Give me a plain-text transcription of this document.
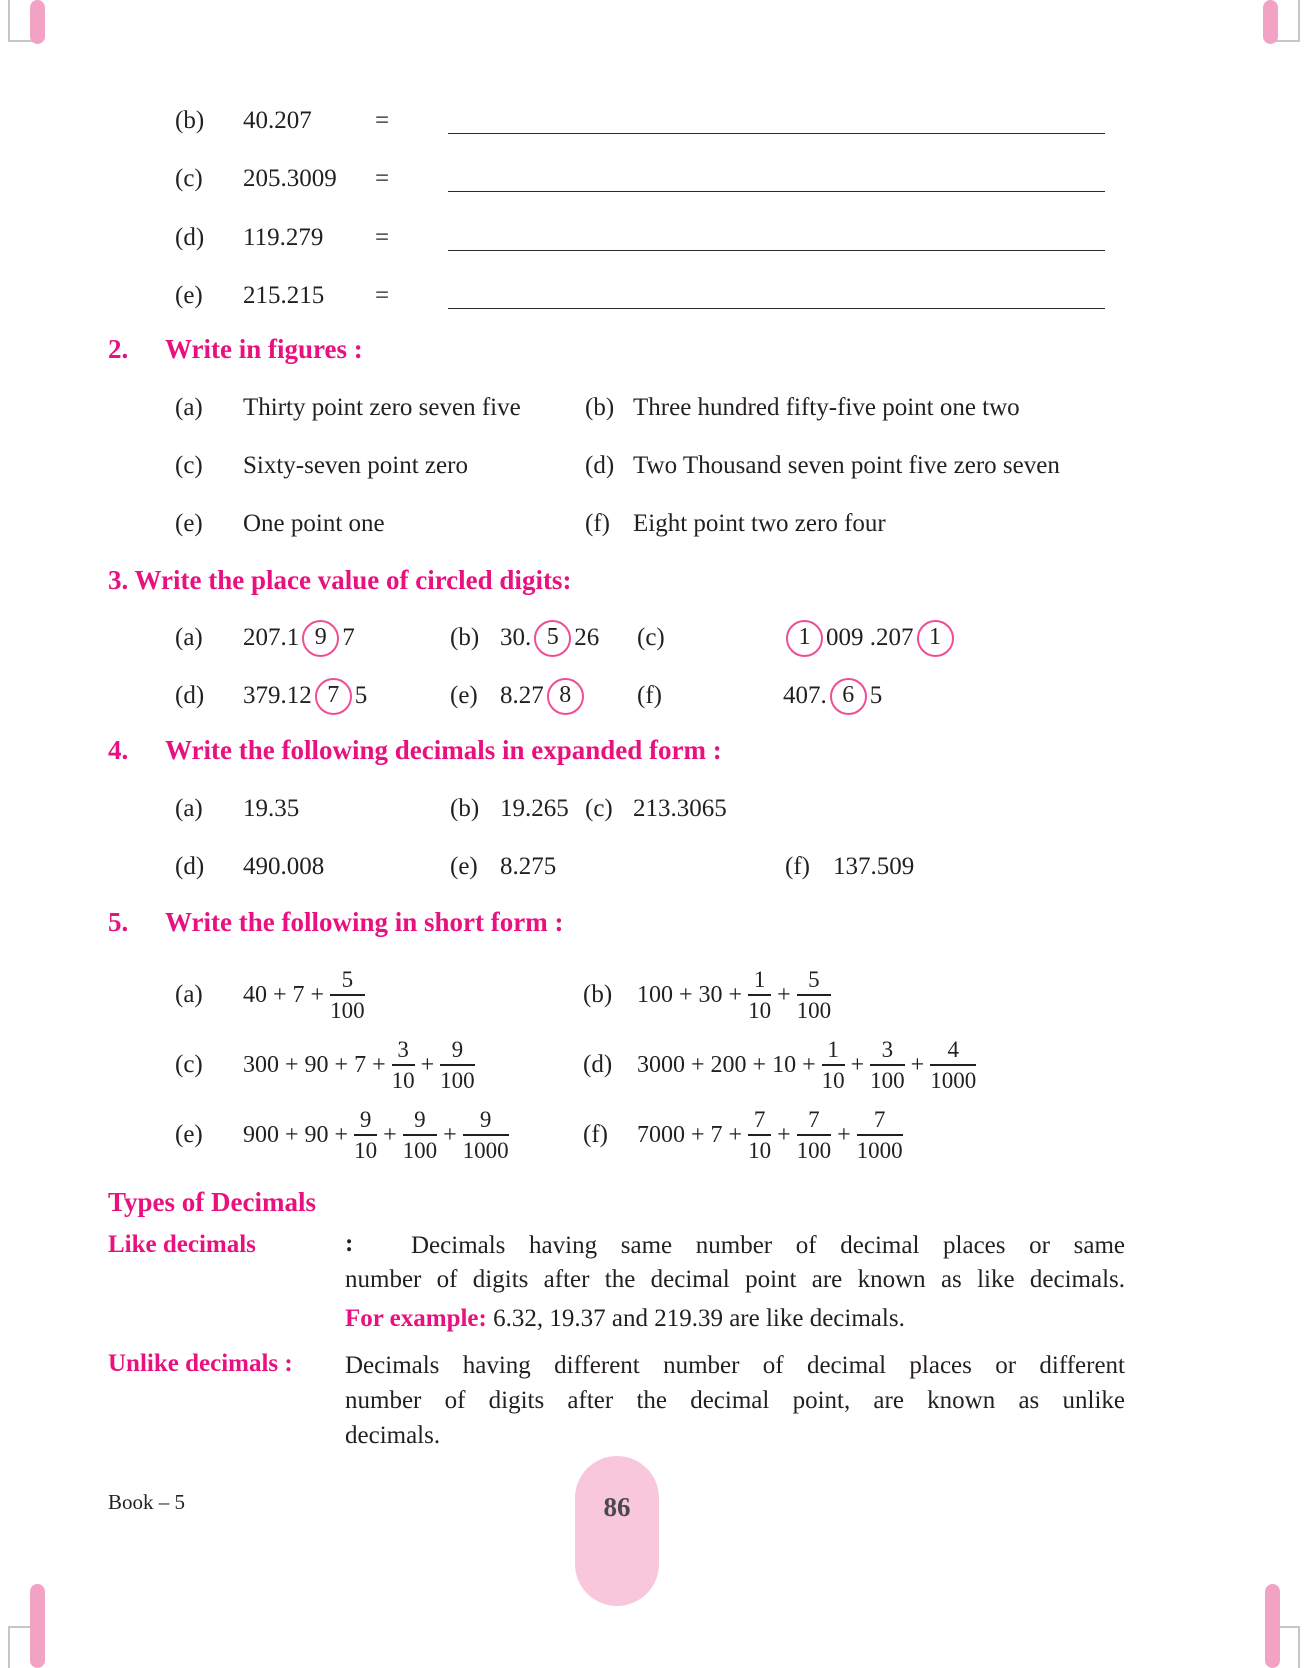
(b) 40.207	=
(c) 205.3009 =
(d) 119.279 =
(e) 215.215 =
2. Write in figures :
(a) Thirty point zero seven five	(b) Three hundred fifty-five point one two
(c) Sixty-seven point zero	(d) Two Thousand seven point five zero seven
(e) One point one	(f) Eight point two zero four
3. Write the place value of circled digits:
(a) 207.1 9 7	(b) 30. 5 26 (c)	1 009 .207 1
(d) 379.12 7 5	(e) 8.27 8	(f)	407. 6 5
4. Write the following decimals in expanded form :
(a) 19.35	(b) 19.265 (c) 213.3065
(d) 490.008	(e) 8.275	(f) 137.509
5. Write the following in short form :
(a) $40 + 7 + \frac{5}{100}$	(b) $100 + 30 + \frac{1}{10} + \frac{5}{100}$
(c) $300 + 90 + 7 + \frac{3}{10} + \frac{9}{100}$	(d) $3000 + 200 + 10 + \frac{1}{10} + \frac{3}{100} + \frac{4}{1000}$
(e) $900 + 90 + \frac{9}{10} + \frac{9}{100} + \frac{9}{1000}$	(f) $7000 + 7 + \frac{7}{10} + \frac{7}{100} + \frac{7}{1000}$
Types of Decimals
Like decimals	:	Decimals having same number of decimal places or same
number of digits after the decimal point are known as like decimals.
For example: 6.32, 19.37 and 219.39 are like decimals.
Unlike decimals : Decimals having different number of decimal places or different
number of digits after the decimal point, are known as unlike
decimals.
Book – 5	86
